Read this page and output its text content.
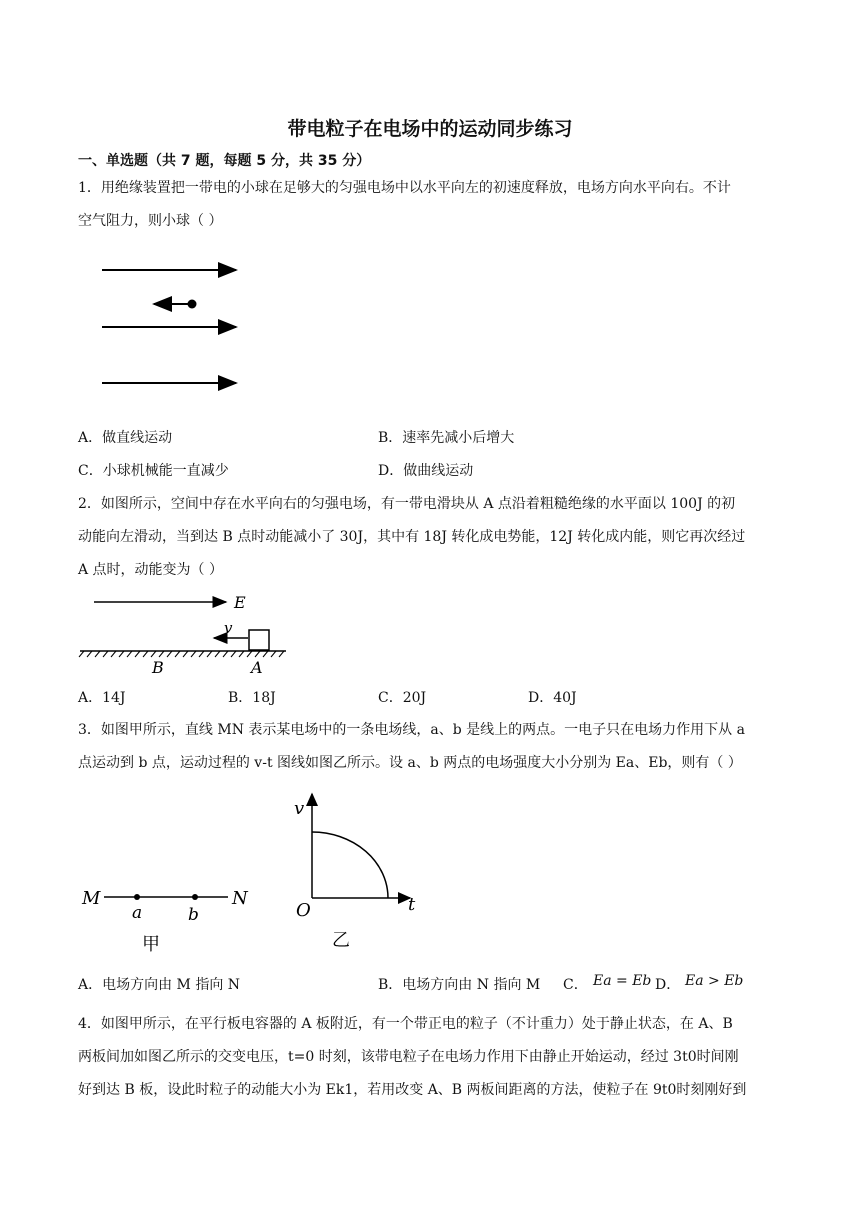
带电粒子在电场中的运动同步练习
一、单选题（共 7 题，每题 5 分，共 35 分）
1．用绝缘装置把一带电的小球在足够大的匀强电场中以水平向左的初速度释放，电场方向水平向右。不计
空气阻力，则小球（ ）
A．做直线运动	B．速率先减小后增大
C．小球机械能一直减少	D．做曲线运动
2．如图所示，空间中存在水平向右的匀强电场，有一带电滑块从 A 点沿着粗糙绝缘的水平面以 100J 的初
动能向左滑动，当到达 B 点时动能减小了 30J，其中有 18J 转化成电势能，12J 转化成内能，则它再次经过
A 点时，动能变为（ ）
E
v
B	A
A．14J	B．18J	C．20J	D．40J
3．如图甲所示，直线 MN 表示某电场中的一条电场线，a、b 是线上的两点。一电子只在电场力作用下从 a
点运动到 b 点，运动过程的 v-t 图线如图乙所示。设 a、b 两点的电场强度大小分别为 Ea、Eb，则有（ ）
M	N
a	b
甲
v
O	t
乙
A．电场方向由 M 指向 N	B．电场方向由 N 指向 M C． Ea = Eb D． Ea > Eb
4．如图甲所示，在平行板电容器的 A 板附近，有一个带正电的粒子（不计重力）处于静止状态，在 A、B
两板间加如图乙所示的交变电压，t=0 时刻，该带电粒子在电场力作用下由静止开始运动，经过 3t0时间刚
好到达 B 板，设此时粒子的动能大小为 Ek1，若用改变 A、B 两板间距离的方法，使粒子在 9t0时刻刚好到
